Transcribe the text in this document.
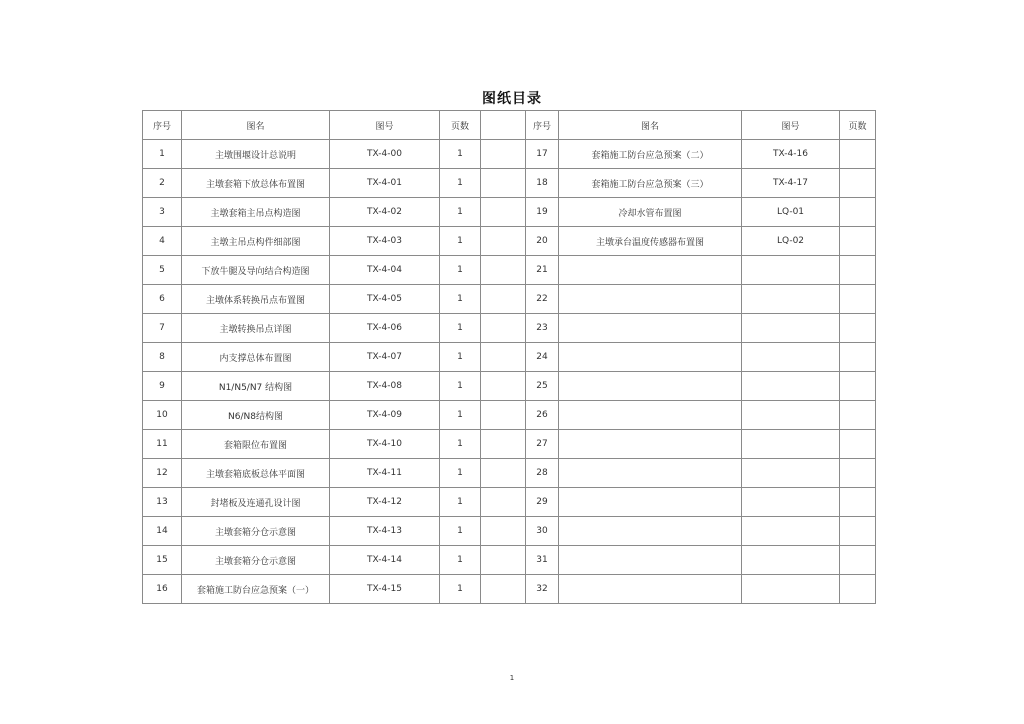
图纸目录
序号	图名	图号	页数		序号	图名	图号	页数
1	主墩围堰设计总说明	TX-4-00	1		17	套箱施工防台应急预案（二）	TX-4-16	
2	主墩套箱下放总体布置图	TX-4-01	1		18	套箱施工防台应急预案（三）	TX-4-17	
3	主墩套箱主吊点构造图	TX-4-02	1		19	冷却水管布置图	LQ-01	
4	主墩主吊点构件细部图	TX-4-03	1		20	主墩承台温度传感器布置图	LQ-02	
5	下放牛腿及导向结合构造图	TX-4-04	1		21			
6	主墩体系转换吊点布置图	TX-4-05	1		22			
7	主墩转换吊点详图	TX-4-06	1		23			
8	内支撑总体布置图	TX-4-07	1		24			
9	N1/N5/N7 结构图	TX-4-08	1		25			
10	N6/N8结构图	TX-4-09	1		26			
11	套箱限位布置图	TX-4-10	1		27			
12	主墩套箱底板总体平面图	TX-4-11	1		28			
13	封堵板及连通孔设计图	TX-4-12	1		29			
14	主墩套箱分仓示意图	TX-4-13	1		30			
15	主墩套箱分仓示意图	TX-4-14	1		31			
16	套箱施工防台应急预案（一）	TX-4-15	1		32			
1
